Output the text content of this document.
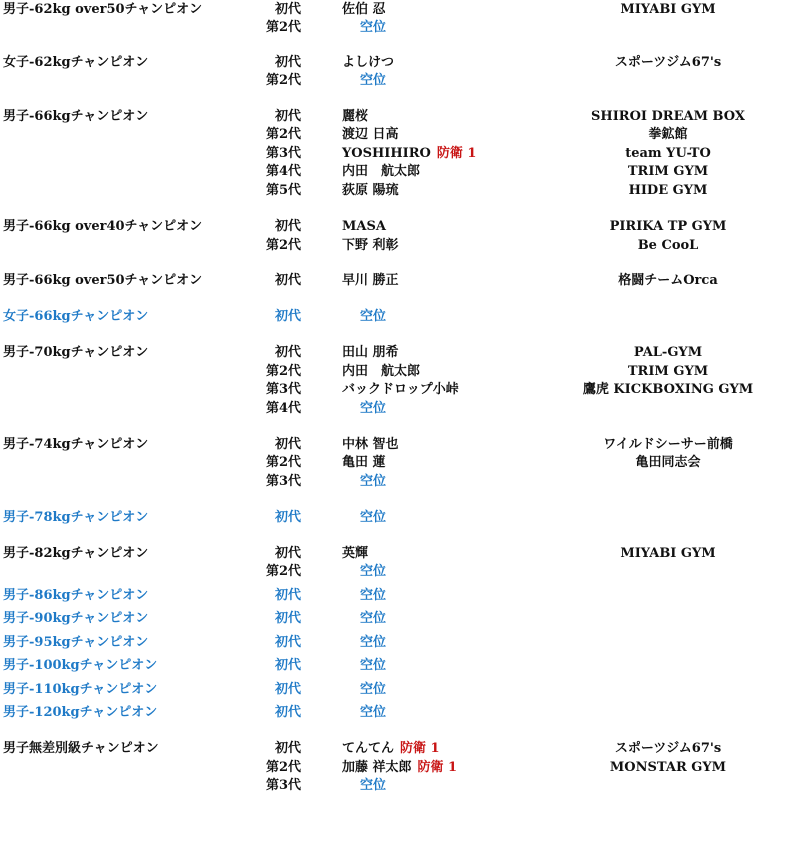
男子-62kg over50チャンピオン	初代	佐伯 忍	MIYABI GYM
第2代	空位
女子-62kgチャンピオン	初代	よしけつ	スポーツジム67's
第2代	空位
男子-66kgチャンピオン	初代	麗桜	SHIROI DREAM BOX
第2代	渡辺 日高	拳鉱館
第3代	YOSHIHIRO 防衛 1	team YU-TO
第4代	内田　航太郎	TRIM GYM
第5代	荻原 陽琉	HIDE GYM
男子-66kg over40チャンピオン	初代	MASA	PIRIKA TP GYM
第2代	下野 利彰	Be CooL
男子-66kg over50チャンピオン	初代	早川 勝正	格闘チームOrca
女子-66kgチャンピオン	初代	空位
男子-70kgチャンピオン	初代	田山 朋希	PAL-GYM
第2代	内田　航太郎	TRIM GYM
第3代	バックドロップ小峠	鷹虎 KICKBOXING GYM
第4代	空位
男子-74kgチャンピオン	初代	中林 智也	ワイルドシーサー前橋
第2代	亀田 蓮	亀田同志会
第3代	空位
男子-78kgチャンピオン	初代	空位
男子-82kgチャンピオン	初代	英輝	MIYABI GYM
第2代	空位
男子-86kgチャンピオン	初代	空位
男子-90kgチャンピオン	初代	空位
男子-95kgチャンピオン	初代	空位
男子-100kgチャンピオン	初代	空位
男子-110kgチャンピオン	初代	空位
男子-120kgチャンピオン	初代	空位
男子無差別級チャンピオン	初代	てんてん 防衛 1	スポーツジム67's
第2代	加藤 祥太郎 防衛 1	MONSTAR GYM
第3代	空位
